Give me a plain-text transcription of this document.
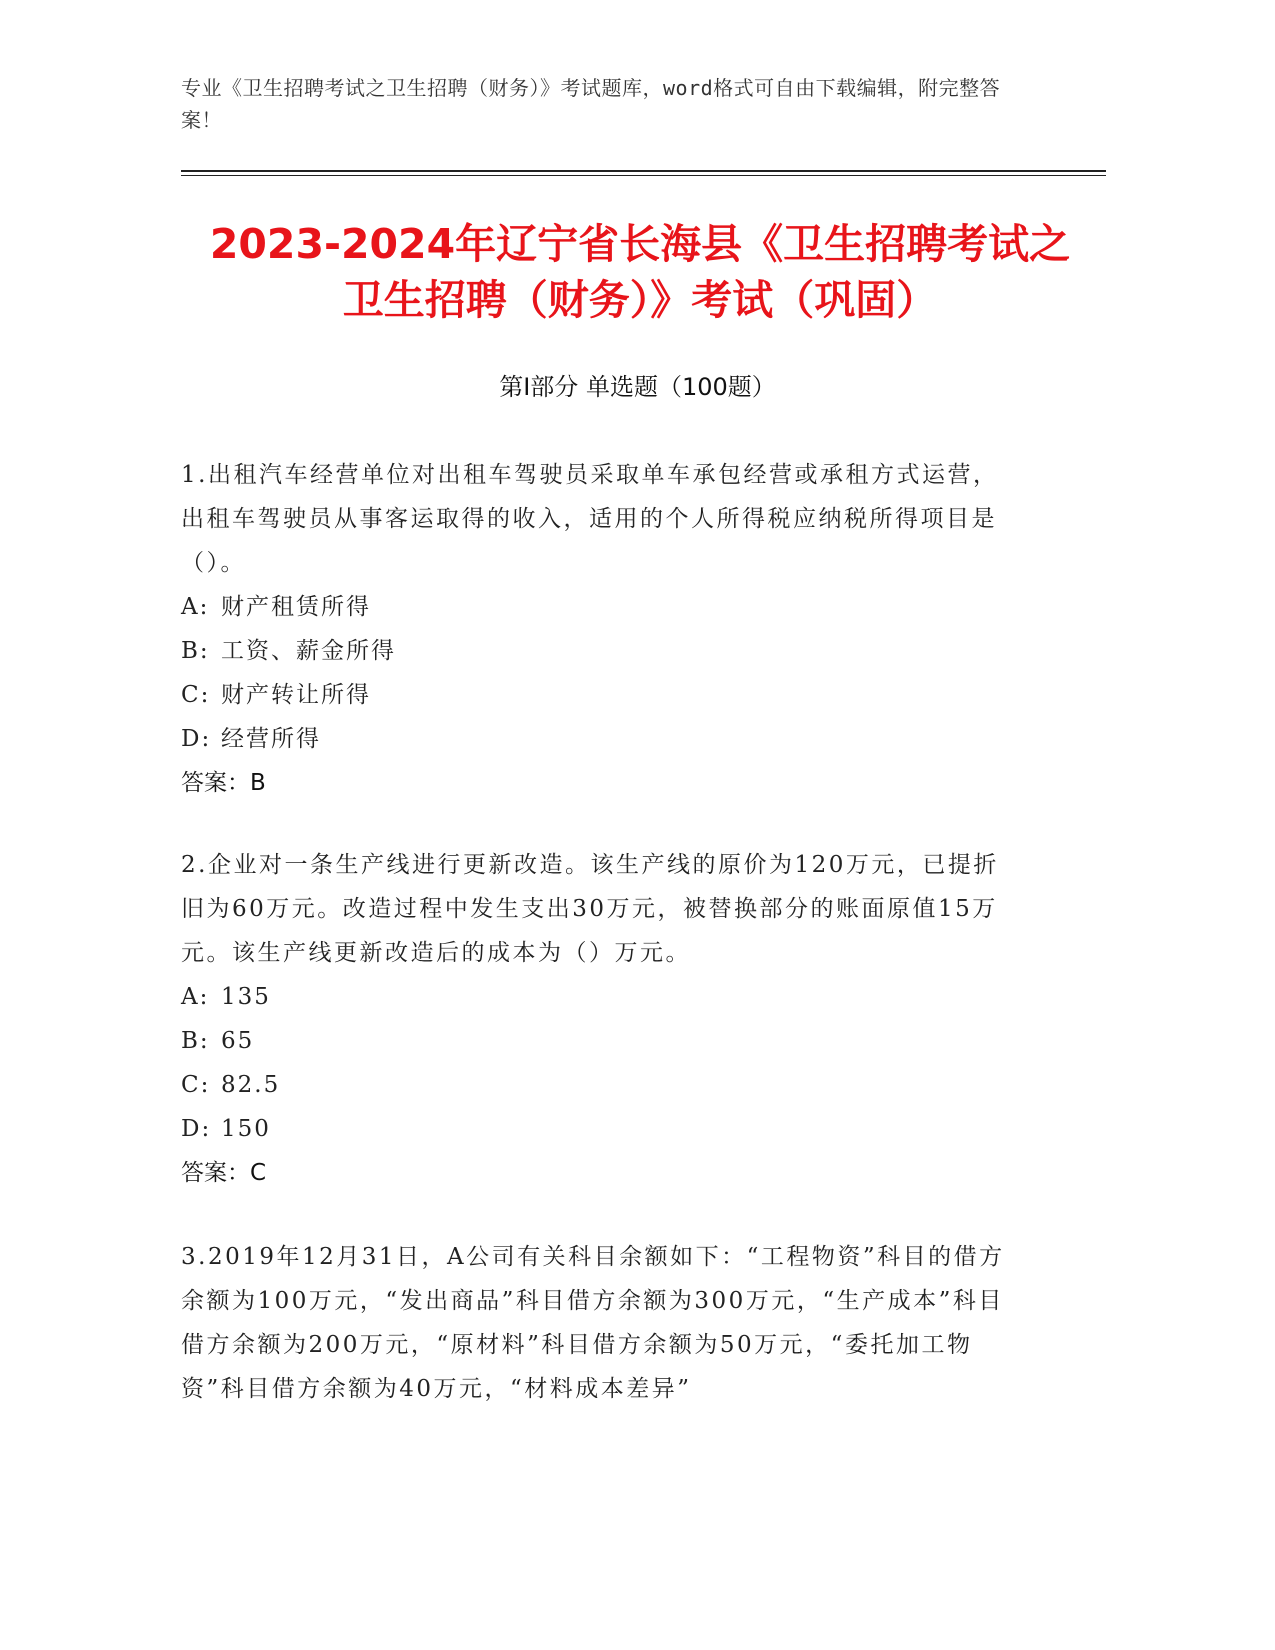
专业《卫生招聘考试之卫生招聘（财务）》考试题库，word格式可自由下载编辑，附完整答案！
2023-2024年辽宁省长海县《卫生招聘考试之卫生招聘（财务）》考试（巩固）
第Ⅰ部分 单选题（100题）

1.出租汽车经营单位对出租车驾驶员采取单车承包经营或承租方式运营，出租车驾驶员从事客运取得的收入，适用的个人所得税应纳税所得项目是（）。

A: 财产租赁所得

B: 工资、薪金所得

C: 财产转让所得

D: 经营所得

答案：B

2.企业对一条生产线进行更新改造。该生产线的原价为120万元，已提折旧为60万元。改造过程中发生支出30万元，被替换部分的账面原值15万元。该生产线更新改造后的成本为（）万元。

A: 135

B: 65

C: 82.5

D: 150

答案：C

3.2019年12月31日，A公司有关科目余额如下：“工程物资”科目的借方余额为100万元，“发出商品”科目借方余额为300万元，“生产成本”科目借方余额为200万元，“原材料”科目借方余额为50万元，“委托加工物资”科目借方余额为40万元，“材料成本差异”
